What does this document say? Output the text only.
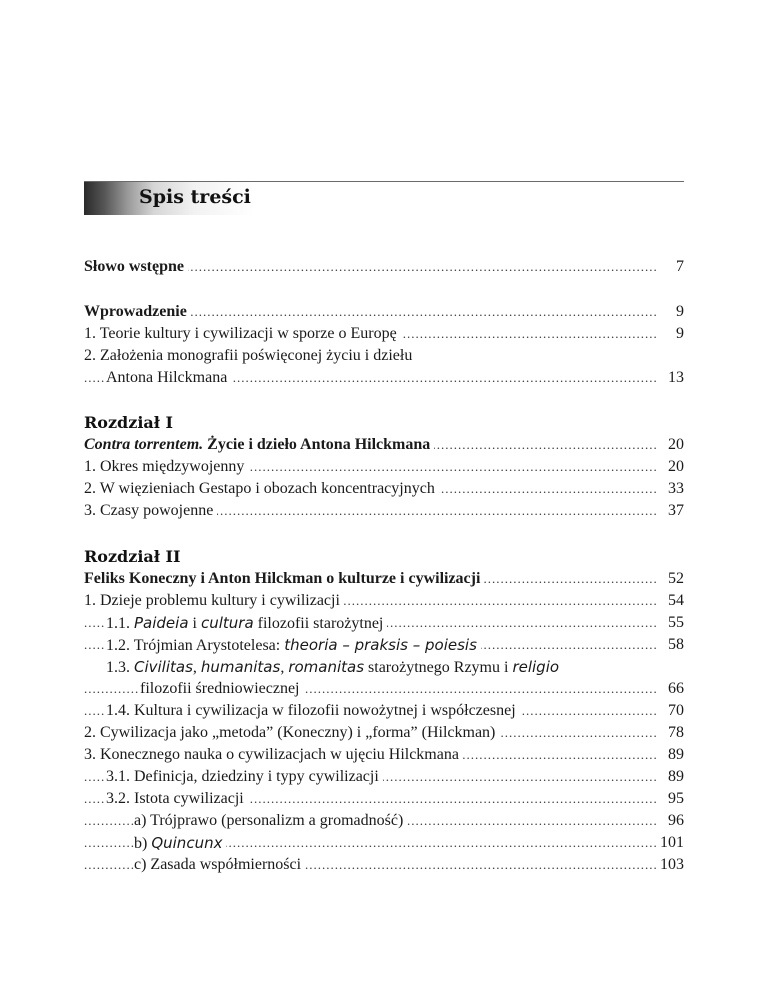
Spis treści
.....
Słowo wstępne	7
.....
Wprowadzenie	9
.....
1. Teorie kultury i cywilizacji w sporze o Europę	9
2. Założenia monografii poświęconej życiu i dziełu
.....
Antona Hilckmana	13
Rozdział I
.....
Contra torrentem. Życie i dzieło Antona Hilckmana	20
.....
1. Okres międzywojenny	20
.....
2. W więzieniach Gestapo i obozach koncentracyjnych	33
.....
3. Czasy powojenne	37
Rozdział II
.....
Feliks Koneczny i Anton Hilckman o kulturze i cywilizacji	52
.....
1. Dzieje problemu kultury i cywilizacji	54
.....
1.1. Paideia i cultura filozofii starożytnej	55
.....
1.2. Trójmian Arystotelesa: theoria – praksis – poiesis	58
1.3. Civilitas, humanitas, romanitas starożytnego Rzymu i religio
.....
filozofii średniowiecznej	66
.....
1.4. Kultura i cywilizacja w filozofii nowożytnej i współczesnej	70
.....
2. Cywilizacja jako „metoda” (Koneczny) i „forma” (Hilckman)	78
.....
3. Konecznego nauka o cywilizacjach w ujęciu Hilckmana	89
.....
3.1. Definicja, dziedziny i typy cywilizacji	89
.....
3.2. Istota cywilizacji	95
.....
a) Trójprawo (personalizm a gromadność)	96
.....
b) Quincunx	101
.....
c) Zasada współmierności	103
